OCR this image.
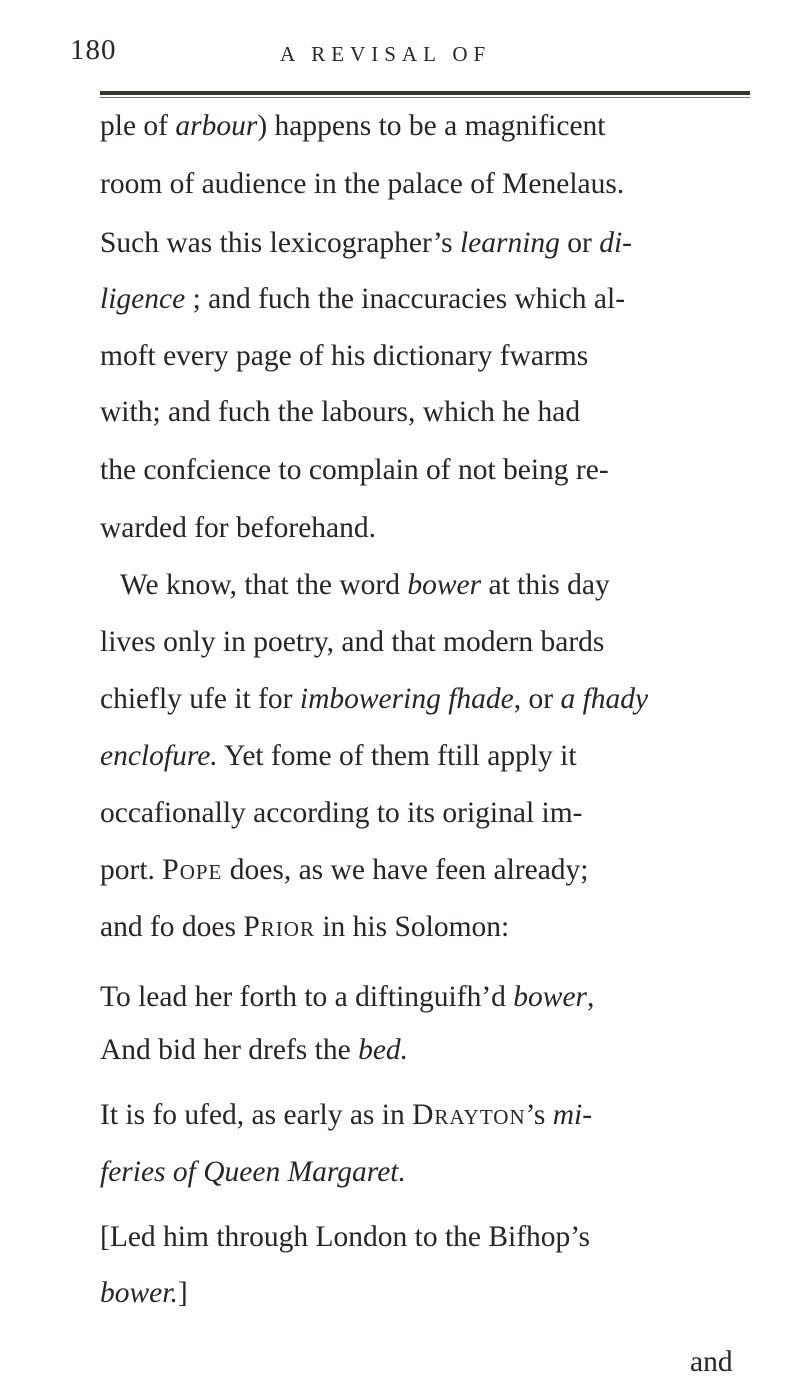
180	A REVISAL OF
ple of arbour) happens to be a magnificent
room of audience in the palace of Menelaus.
Such was this lexicographer’s learning or di-
ligence ; and fuch the inaccuracies which al-
moft every page of his dictionary fwarms
with; and fuch the labours, which he had
the confcience to complain of not being re-
warded for beforehand.
We know, that the word bower at this day
lives only in poetry, and that modern bards
chiefly ufe it for imbowering fhade, or a fhady
enclofure. Yet fome of them ftill apply it
occafionally according to its original im-
port. Pope does, as we have feen already;
and fo does Prior in his Solomon:
To lead her forth to a diftinguifh’d bower,
And bid her drefs the bed.
It is fo ufed, as early as in Drayton’s mi-
feries of Queen Margaret.
[Led him through London to the Bifhop’s
bower.]
and
